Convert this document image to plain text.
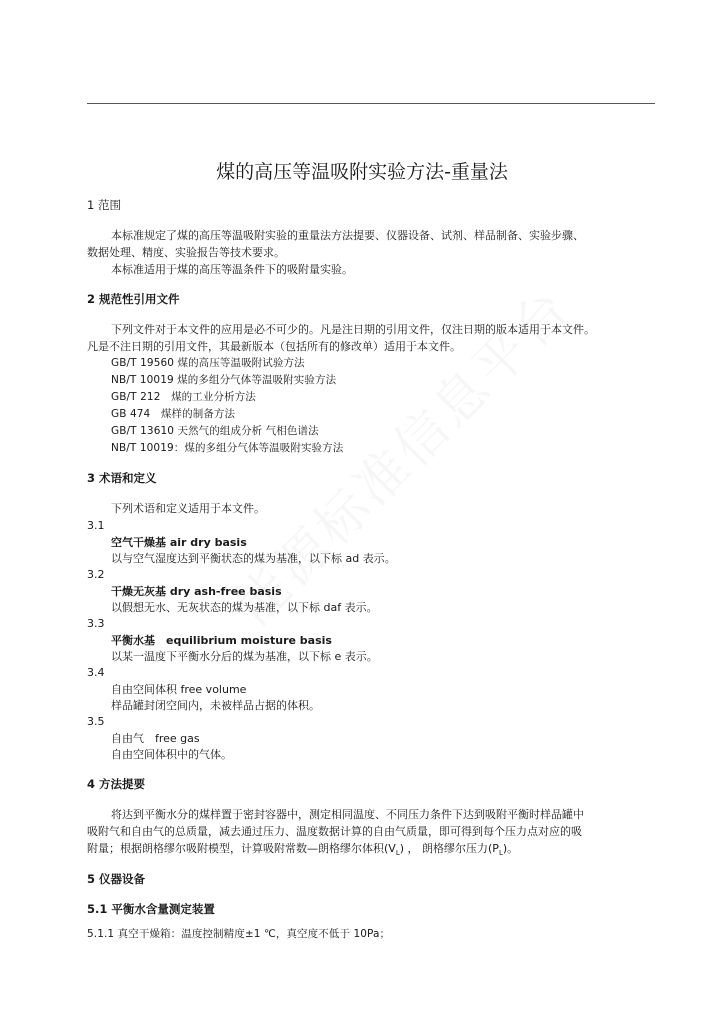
煤的高压等温吸附实验方法-重量法
1 范围
本标准规定了煤的高压等温吸附实验的重量法方法提要、仪器设备、试剂、样品制备、实验步骤、
数据处理、精度、实验报告等技术要求。
本标准适用于煤的高压等温条件下的吸附量实验。
2 规范性引用文件
下列文件对于本文件的应用是必不可少的。凡是注日期的引用文件，仅注日期的版本适用于本文件。
凡是不注日期的引用文件，其最新版本（包括所有的修改单）适用于本文件。
GB/T 19560 煤的高压等温吸附试验方法
NB/T 10019 煤的多组分气体等温吸附实验方法
GB/T 212　煤的工业分析方法
GB 474　煤样的制备方法
GB/T 13610 天然气的组成分析 气相色谱法
NB/T 10019：煤的多组分气体等温吸附实验方法
3 术语和定义
下列术语和定义适用于本文件。
3.1
空气干燥基 air dry basis
以与空气湿度达到平衡状态的煤为基准，以下标 ad 表示。
3.2
干燥无灰基 dry ash-free basis
以假想无水、无灰状态的煤为基准，以下标 daf 表示。
3.3
平衡水基　equilibrium moisture basis
以某一温度下平衡水分后的煤为基准，以下标 e 表示。
3.4
自由空间体积 free volume
样品罐封闭空间内，未被样品占据的体积。
3.5
自由气　free gas
自由空间体积中的气体。
4 方法提要
将达到平衡水分的煤样置于密封容器中，测定相同温度、不同压力条件下达到吸附平衡时样品罐中
吸附气和自由气的总质量，减去通过压力、温度数据计算的自由气质量，即可得到每个压力点对应的吸
附量；根据朗格缪尔吸附模型，计算吸附常数—朗格缪尔体积$(V_L)$ ， 朗格缪尔压力$(P_L)$。
5 仪器设备
5.1 平衡水含量测定装置
5.1.1 真空干燥箱：温度控制精度±1 ℃，真空度不低于 10Pa；
